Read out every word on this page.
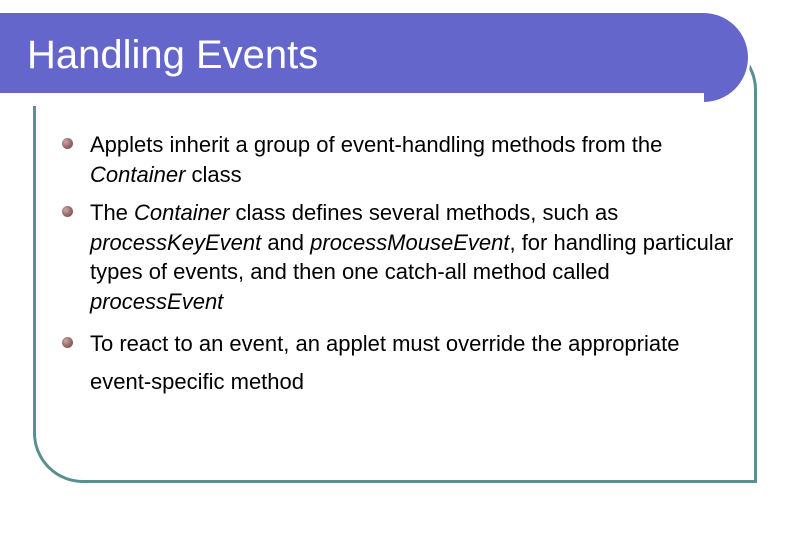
Handling Events
Applets inherit a group of event-handling methods from the Container class
The Container class defines several methods, such as processKeyEvent and processMouseEvent, for handling particular types of events, and then one catch-all method called processEvent
To react to an event, an applet must override the appropriate event-specific method
